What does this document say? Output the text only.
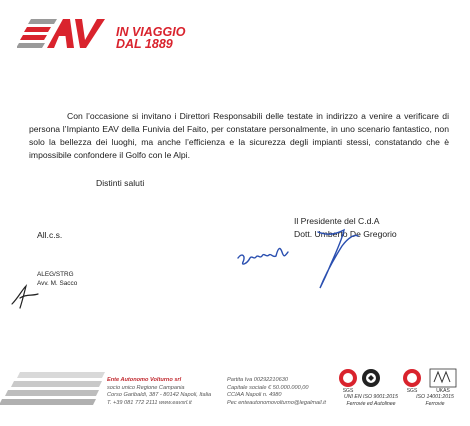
IN VIAGGIO
DAL 1889
Con l’occasione si invitano i Direttori Responsabili delle testate in indirizzo a venire a verificare di persona l’Impianto EAV della Funivia del Faito, per constatare personalmente, in uno scenario fantastico, non solo la bellezza dei luoghi, ma anche l’efficienza e la sicurezza degli impianti stessi, constatando che è impossibile confondere il Golfo con le Alpi.
Distinti saluti
Il Presidente del C.d.A
Dott. Umberto De Gregorio
All.c.s.
ALEG/STRG
Avv. M. Sacco
Ente Autonomo Volturno srl
socio unico Regione Campania
Corso Garibaldi, 387 - 80142 Napoli, Italia
T. +39 081 772 2111 www.eavsrl.it
Partita Iva 00292210630
Capitale sociale € 50.000.000,00
CCIAA Napoli n. 4980
Pec enteautonomovolturno@legalmail.it
SGS	SGS	UKAS
UNI EN ISO 9001:2015
Ferrovie ed Autolinee
ISO 14001:2015
Ferrovie
